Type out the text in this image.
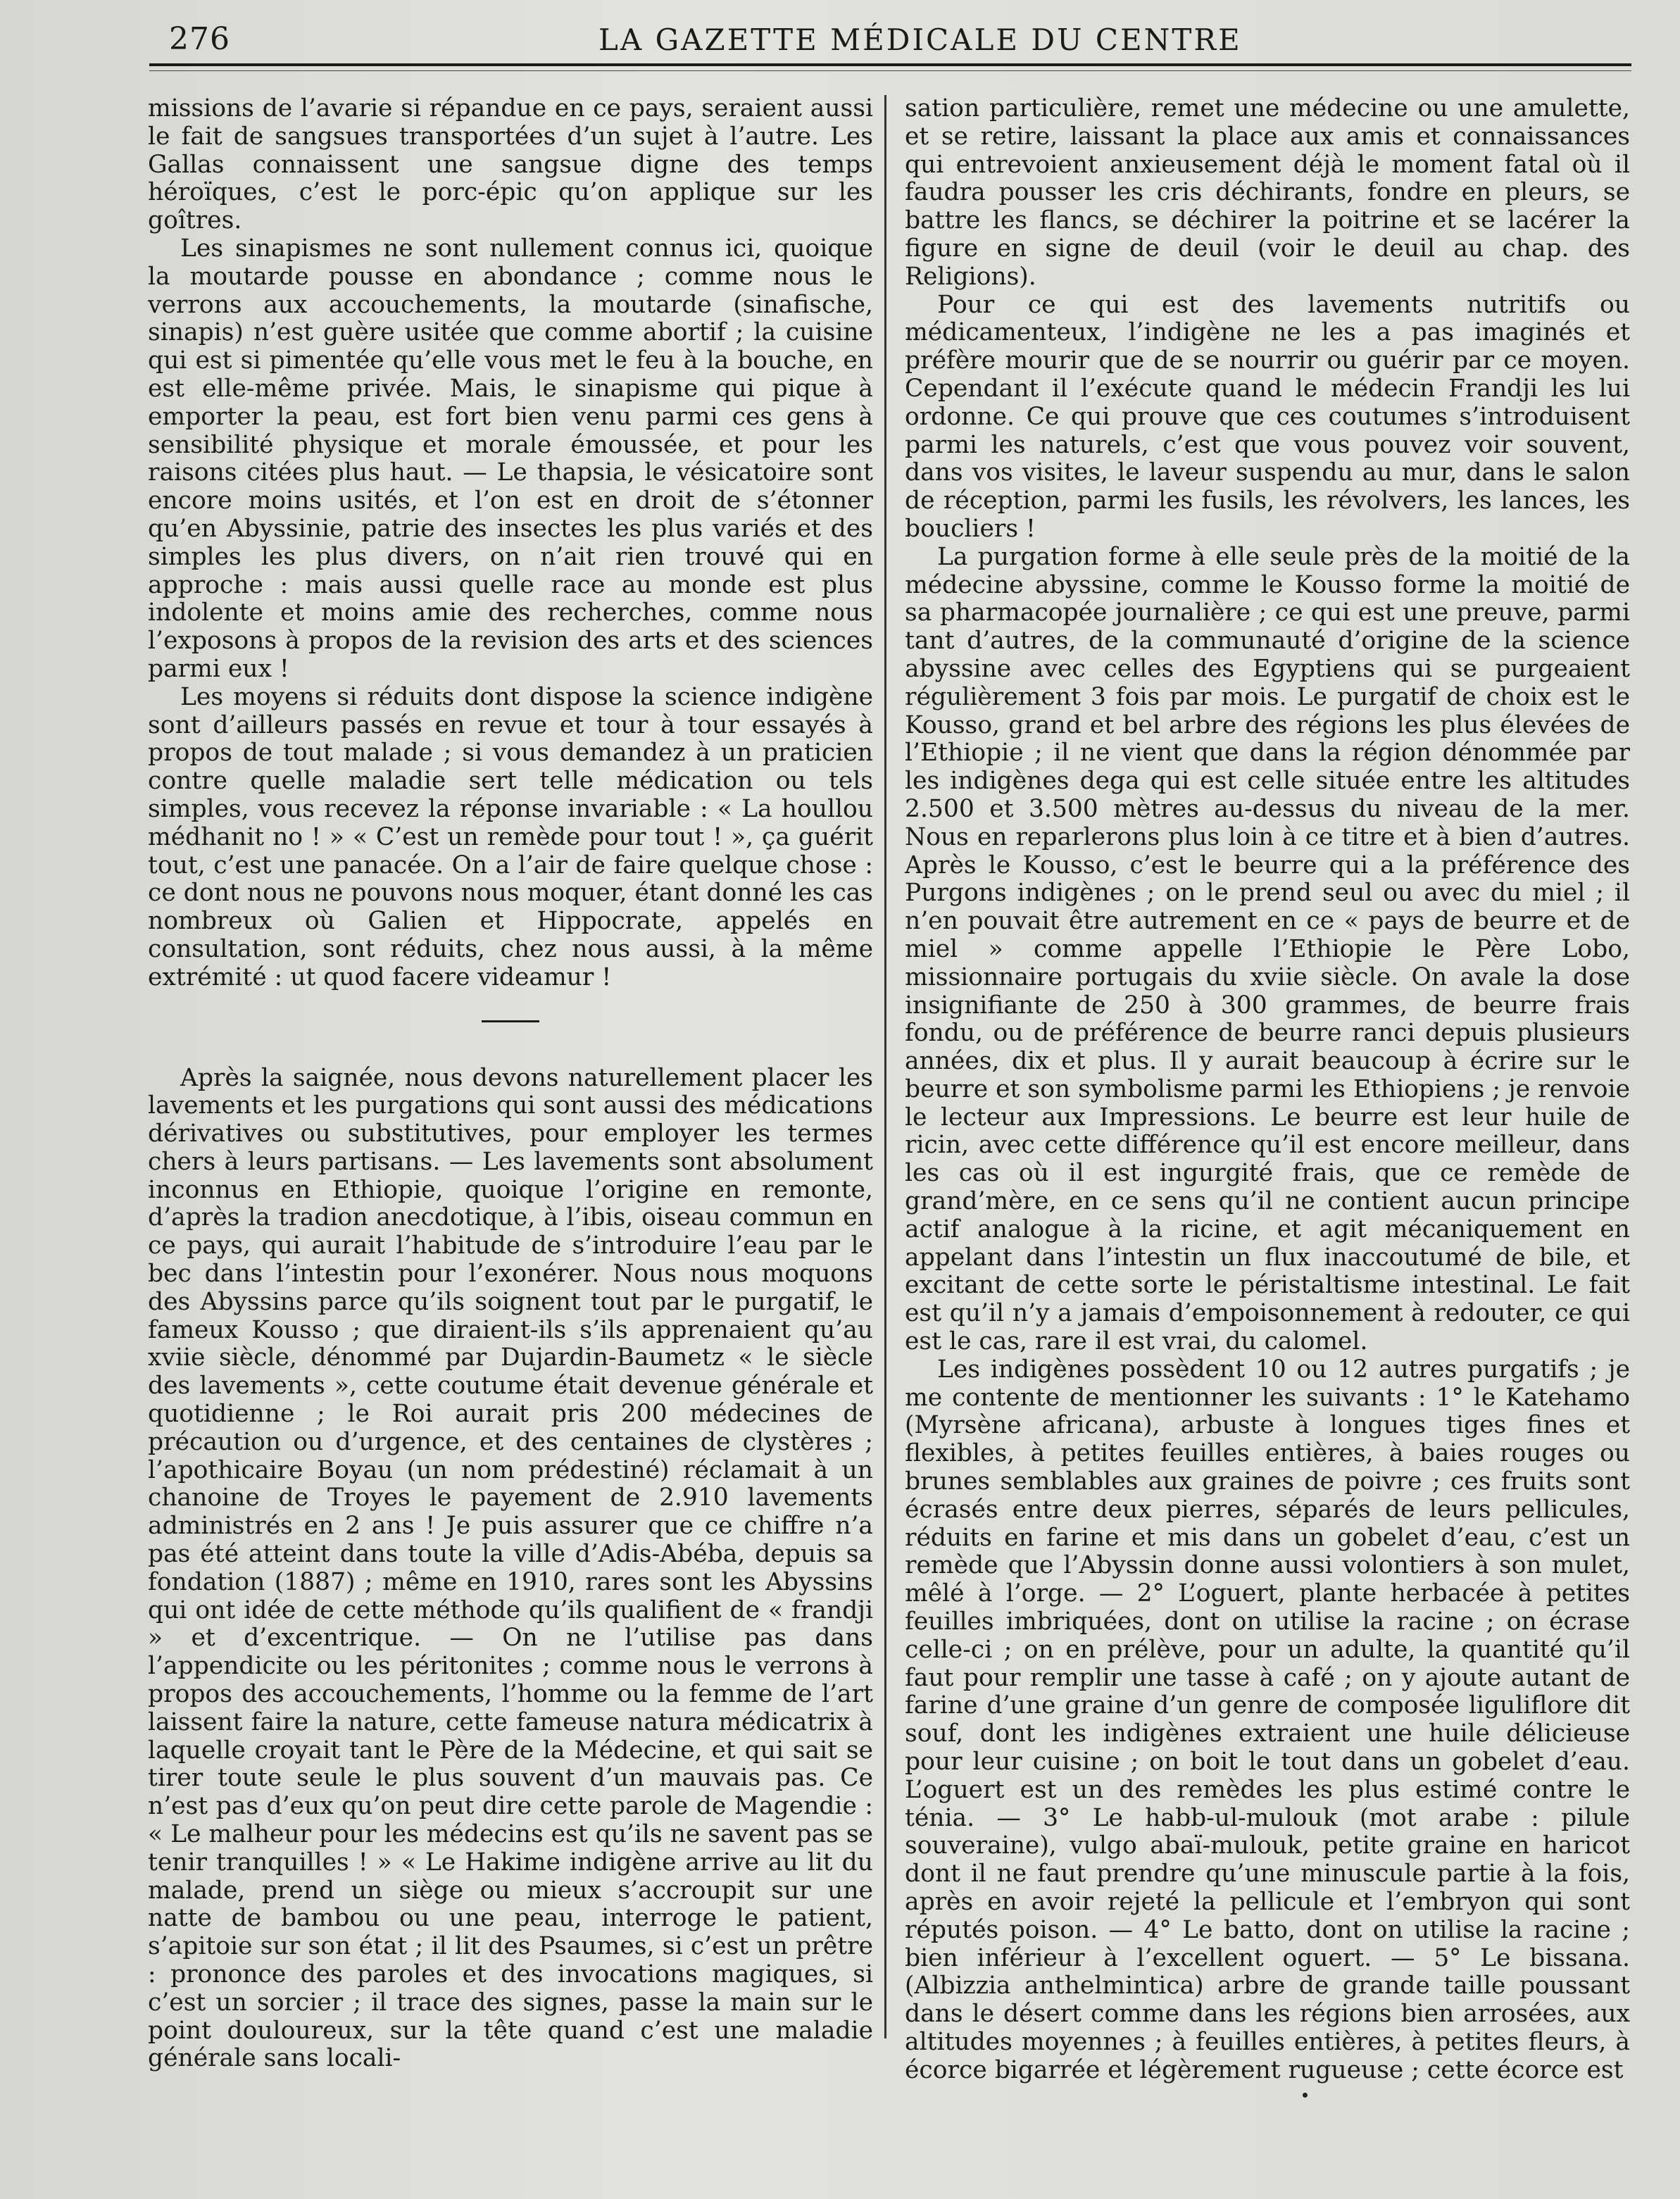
276	LA GAZETTE MÉDICALE DU CENTRE

missions de l’avarie si répandue en ce pays, seraient aussi le fait de sangsues transportées d’un sujet à l’autre. Les Gallas connaissent une sangsue digne des temps héroïques, c’est le porc-épic qu’on applique sur les goîtres.

Les sinapismes ne sont nullement connus ici, quoique la moutarde pousse en abondance ; comme nous le verrons aux accouchements, la moutarde (sinafische, sinapis) n’est guère usitée que comme abortif ; la cuisine qui est si pimentée qu’elle vous met le feu à la bouche, en est elle-même privée. Mais, le sinapisme qui pique à emporter la peau, est fort bien venu parmi ces gens à sensibilité physique et morale émoussée, et pour les raisons citées plus haut. — Le thapsia, le vésicatoire sont encore moins usités, et l’on est en droit de s’étonner qu’en Abyssinie, patrie des insectes les plus variés et des simples les plus divers, on n’ait rien trouvé qui en approche : mais aussi quelle race au monde est plus indolente et moins amie des recherches, comme nous l’exposons à propos de la revision des arts et des sciences parmi eux !

Les moyens si réduits dont dispose la science indigène sont d’ailleurs passés en revue et tour à tour essayés à propos de tout malade ; si vous demandez à un praticien contre quelle maladie sert telle médication ou tels simples, vous recevez la réponse invariable : « La houllou médhanit no ! » « C’est un remède pour tout ! », ça guérit tout, c’est une panacée. On a l’air de faire quelque chose : ce dont nous ne pouvons nous moquer, étant donné les cas nombreux où Galien et Hippocrate, appelés en consultation, sont réduits, chez nous aussi, à la même extrémité : ut quod facere videamur !

Après la saignée, nous devons naturellement placer les lavements et les purgations qui sont aussi des médications dérivatives ou substitutives, pour employer les termes chers à leurs partisans. — Les lavements sont absolument inconnus en Ethiopie, quoique l’origine en remonte, d’après la tradion anecdotique, à l’ibis, oiseau commun en ce pays, qui aurait l’habitude de s’introduire l’eau par le bec dans l’intestin pour l’exonérer. Nous nous moquons des Abyssins parce qu’ils soignent tout par le purgatif, le fameux Kousso ; que diraient-ils s’ils apprenaient qu’au xviie siècle, dénommé par Dujardin-Baumetz « le siècle des lavements », cette coutume était devenue générale et quotidienne ; le Roi aurait pris 200 médecines de précaution ou d’urgence, et des centaines de clystères ; l’apothicaire Boyau (un nom prédestiné) réclamait à un chanoine de Troyes le payement de 2.910 lavements administrés en 2 ans ! Je puis assurer que ce chiffre n’a pas été atteint dans toute la ville d’Adis-Abéba, depuis sa fondation (1887) ; même en 1910, rares sont les Abyssins qui ont idée de cette méthode qu’ils qualifient de « frandji » et d’excentrique. — On ne l’utilise pas dans l’appendicite ou les péritonites ; comme nous le verrons à propos des accouchements, l’homme ou la femme de l’art laissent faire la nature, cette fameuse natura médicatrix à laquelle croyait tant le Père de la Médecine, et qui sait se tirer toute seule le plus souvent d’un mauvais pas. Ce n’est pas d’eux qu’on peut dire cette parole de Magendie : « Le malheur pour les médecins est qu’ils ne savent pas se tenir tranquilles ! » « Le Hakime indigène arrive au lit du malade, prend un siège ou mieux s’accroupit sur une natte de bambou ou une peau, interroge le patient, s’apitoie sur son état ; il lit des Psaumes, si c’est un prêtre : prononce des paroles et des invocations magiques, si c’est un sorcier ; il trace des signes, passe la main sur le point douloureux, sur la tête quand c’est une maladie générale sans locali-

sation particulière, remet une médecine ou une amulette, et se retire, laissant la place aux amis et connaissances qui entrevoient anxieusement déjà le moment fatal où il faudra pousser les cris déchirants, fondre en pleurs, se battre les flancs, se déchirer la poitrine et se lacérer la figure en signe de deuil (voir le deuil au chap. des Religions).

Pour ce qui est des lavements nutritifs ou médicamenteux, l’indigène ne les a pas imaginés et préfère mourir que de se nourrir ou guérir par ce moyen. Cependant il l’exécute quand le médecin Frandji les lui ordonne. Ce qui prouve que ces coutumes s’introduisent parmi les naturels, c’est que vous pouvez voir souvent, dans vos visites, le laveur suspendu au mur, dans le salon de réception, parmi les fusils, les révolvers, les lances, les boucliers !

La purgation forme à elle seule près de la moitié de la médecine abyssine, comme le Kousso forme la moitié de sa pharmacopée journalière ; ce qui est une preuve, parmi tant d’autres, de la communauté d’origine de la science abyssine avec celles des Egyptiens qui se purgeaient régulièrement 3 fois par mois. Le purgatif de choix est le Kousso, grand et bel arbre des régions les plus élevées de l’Ethiopie ; il ne vient que dans la région dénommée par les indigènes dega qui est celle située entre les altitudes 2.500 et 3.500 mètres au-dessus du niveau de la mer. Nous en reparlerons plus loin à ce titre et à bien d’autres. Après le Kousso, c’est le beurre qui a la préférence des Purgons indigènes ; on le prend seul ou avec du miel ; il n’en pouvait être autrement en ce « pays de beurre et de miel » comme appelle l’Ethiopie le Père Lobo, missionnaire portugais du xviie siècle. On avale la dose insignifiante de 250 à 300 grammes, de beurre frais fondu, ou de préférence de beurre ranci depuis plusieurs années, dix et plus. Il y aurait beaucoup à écrire sur le beurre et son symbolisme parmi les Ethiopiens ; je renvoie le lecteur aux Impressions. Le beurre est leur huile de ricin, avec cette différence qu’il est encore meilleur, dans les cas où il est ingurgité frais, que ce remède de grand’mère, en ce sens qu’il ne contient aucun principe actif analogue à la ricine, et agit mécaniquement en appelant dans l’intestin un flux inaccoutumé de bile, et excitant de cette sorte le péristaltisme intestinal. Le fait est qu’il n’y a jamais d’empoisonnement à redouter, ce qui est le cas, rare il est vrai, du calomel.

Les indigènes possèdent 10 ou 12 autres purgatifs ; je me contente de mentionner les suivants : 1° le Katehamo (Myrsène africana), arbuste à longues tiges fines et flexibles, à petites feuilles entières, à baies rouges ou brunes semblables aux graines de poivre ; ces fruits sont écrasés entre deux pierres, séparés de leurs pellicules, réduits en farine et mis dans un gobelet d’eau, c’est un remède que l’Abyssin donne aussi volontiers à son mulet, mêlé à l’orge. — 2° L’oguert, plante herbacée à petites feuilles imbriquées, dont on utilise la racine ; on écrase celle-ci ; on en prélève, pour un adulte, la quantité qu’il faut pour remplir une tasse à café ; on y ajoute autant de farine d’une graine d’un genre de composée liguliflore dit souf, dont les indigènes extraient une huile délicieuse pour leur cuisine ; on boit le tout dans un gobelet d’eau. L’oguert est un des remèdes les plus estimé contre le ténia. — 3° Le habb-ul-mulouk (mot arabe : pilule souveraine), vulgo abaï-mulouk, petite graine en haricot dont il ne faut prendre qu’une minuscule partie à la fois, après en avoir rejeté la pellicule et l’embryon qui sont réputés poison. — 4° Le batto, dont on utilise la racine ; bien inférieur à l’excellent oguert. — 5° Le bissana. (Albizzia anthelmintica) arbre de grande taille poussant dans le désert comme dans les régions bien arrosées, aux altitudes moyennes ; à feuilles entières, à petites fleurs, à écorce bigarrée et légèrement rugueuse ; cette écorce est
